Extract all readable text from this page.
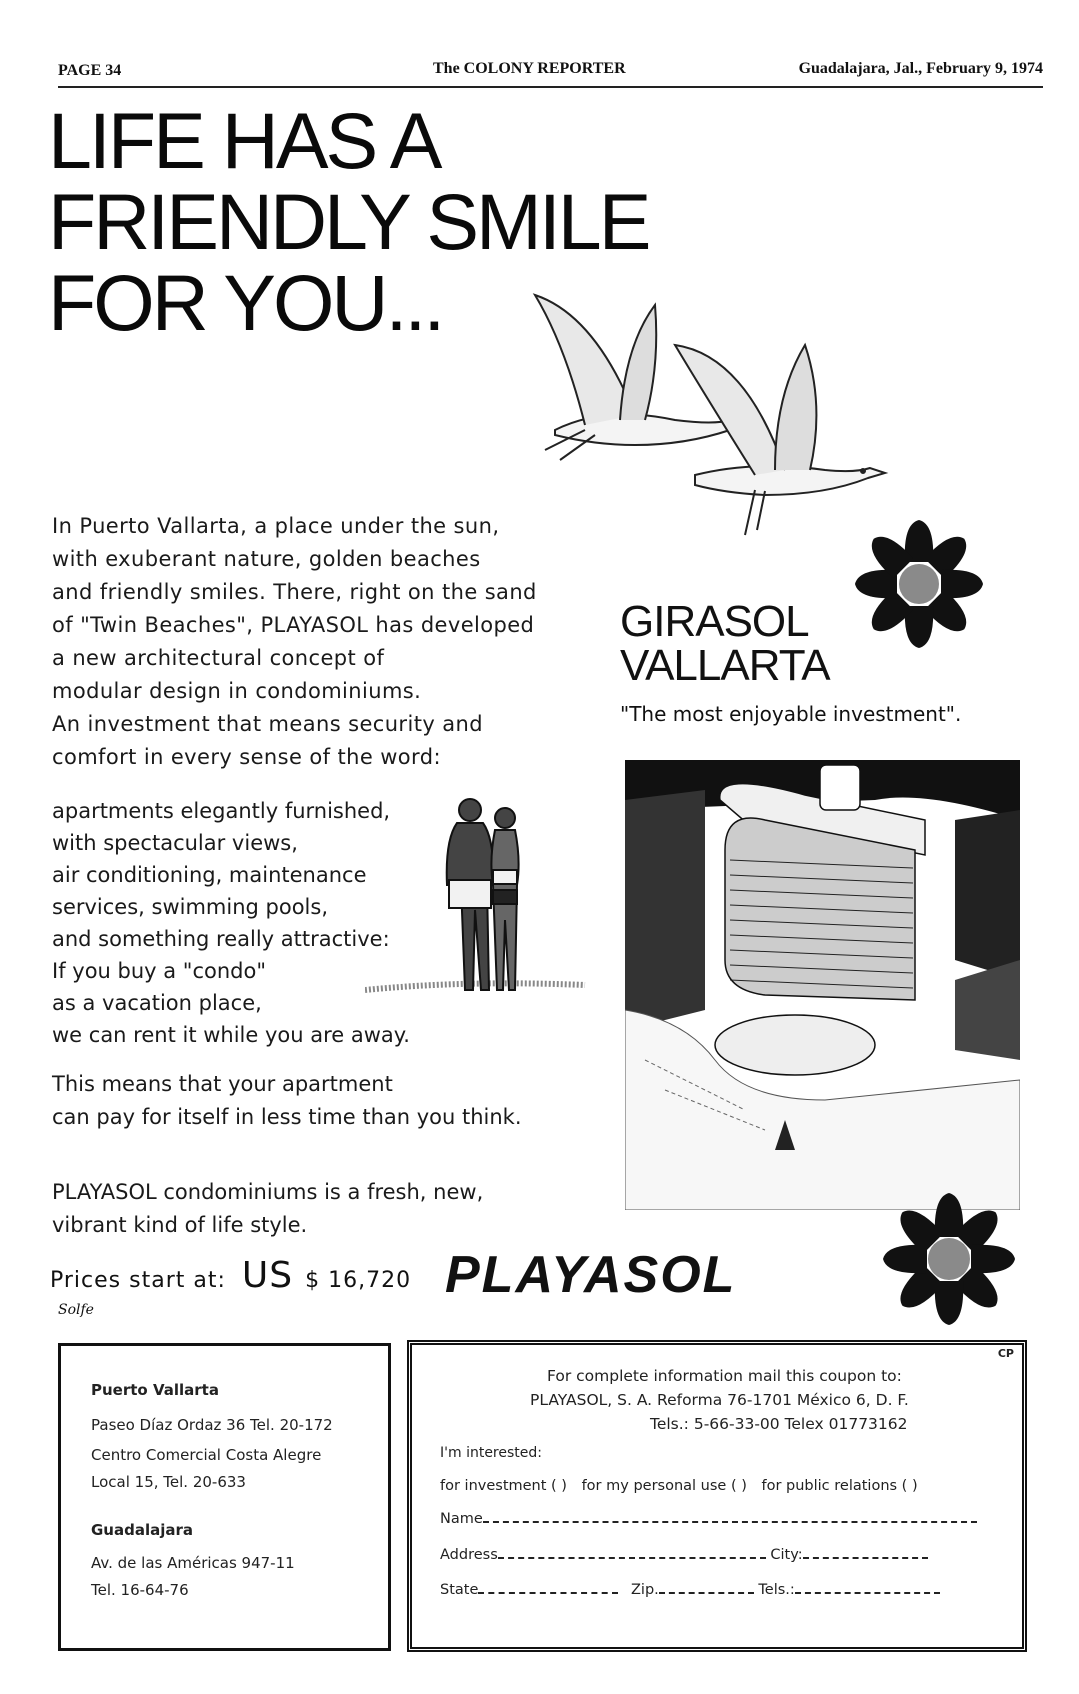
PAGE 34	The COLONY REPORTER	Guadalajara, Jal., February 9, 1974
LIFE HAS A
FRIENDLY SMILE
FOR YOU...
In Puerto Vallarta, a place under the sun,
with exuberant nature, golden beaches
and friendly smiles. There, right on the sand
of "Twin Beaches", PLAYASOL has developed
a new architectural concept of
modular design in condominiums.
An investment that means security and
comfort in every sense of the word:
apartments elegantly furnished,
with spectacular views,
air conditioning, maintenance
services, swimming pools,
and something really attractive:
If you buy a "condo"
as a vacation place,
we can rent it while you are away.
This means that your apartment
can pay for itself in less time than you think.
PLAYASOL condominiums is a fresh, new,
vibrant kind of life style.
Prices start at: US $ 16,720
Solfe
GIRASOL
VALLARTA
"The most enjoyable investment".
PLAYASOL
Puerto Vallarta
Paseo Díaz Ordaz 36 Tel. 20-172
Centro Comercial Costa Alegre
Local 15, Tel. 20-633
Guadalajara
Av. de las Américas 947-11
Tel. 16-64-76
CP
For complete information mail this coupon to:
PLAYASOL, S. A. Reforma 76-1701 México 6, D. F.
Tels.: 5-66-33-00 Telex 01773162
I'm interested:
for investment ( ) for my personal use ( ) for public relations ( )
Name
Address	City:
State	Zip.	Tels.:
